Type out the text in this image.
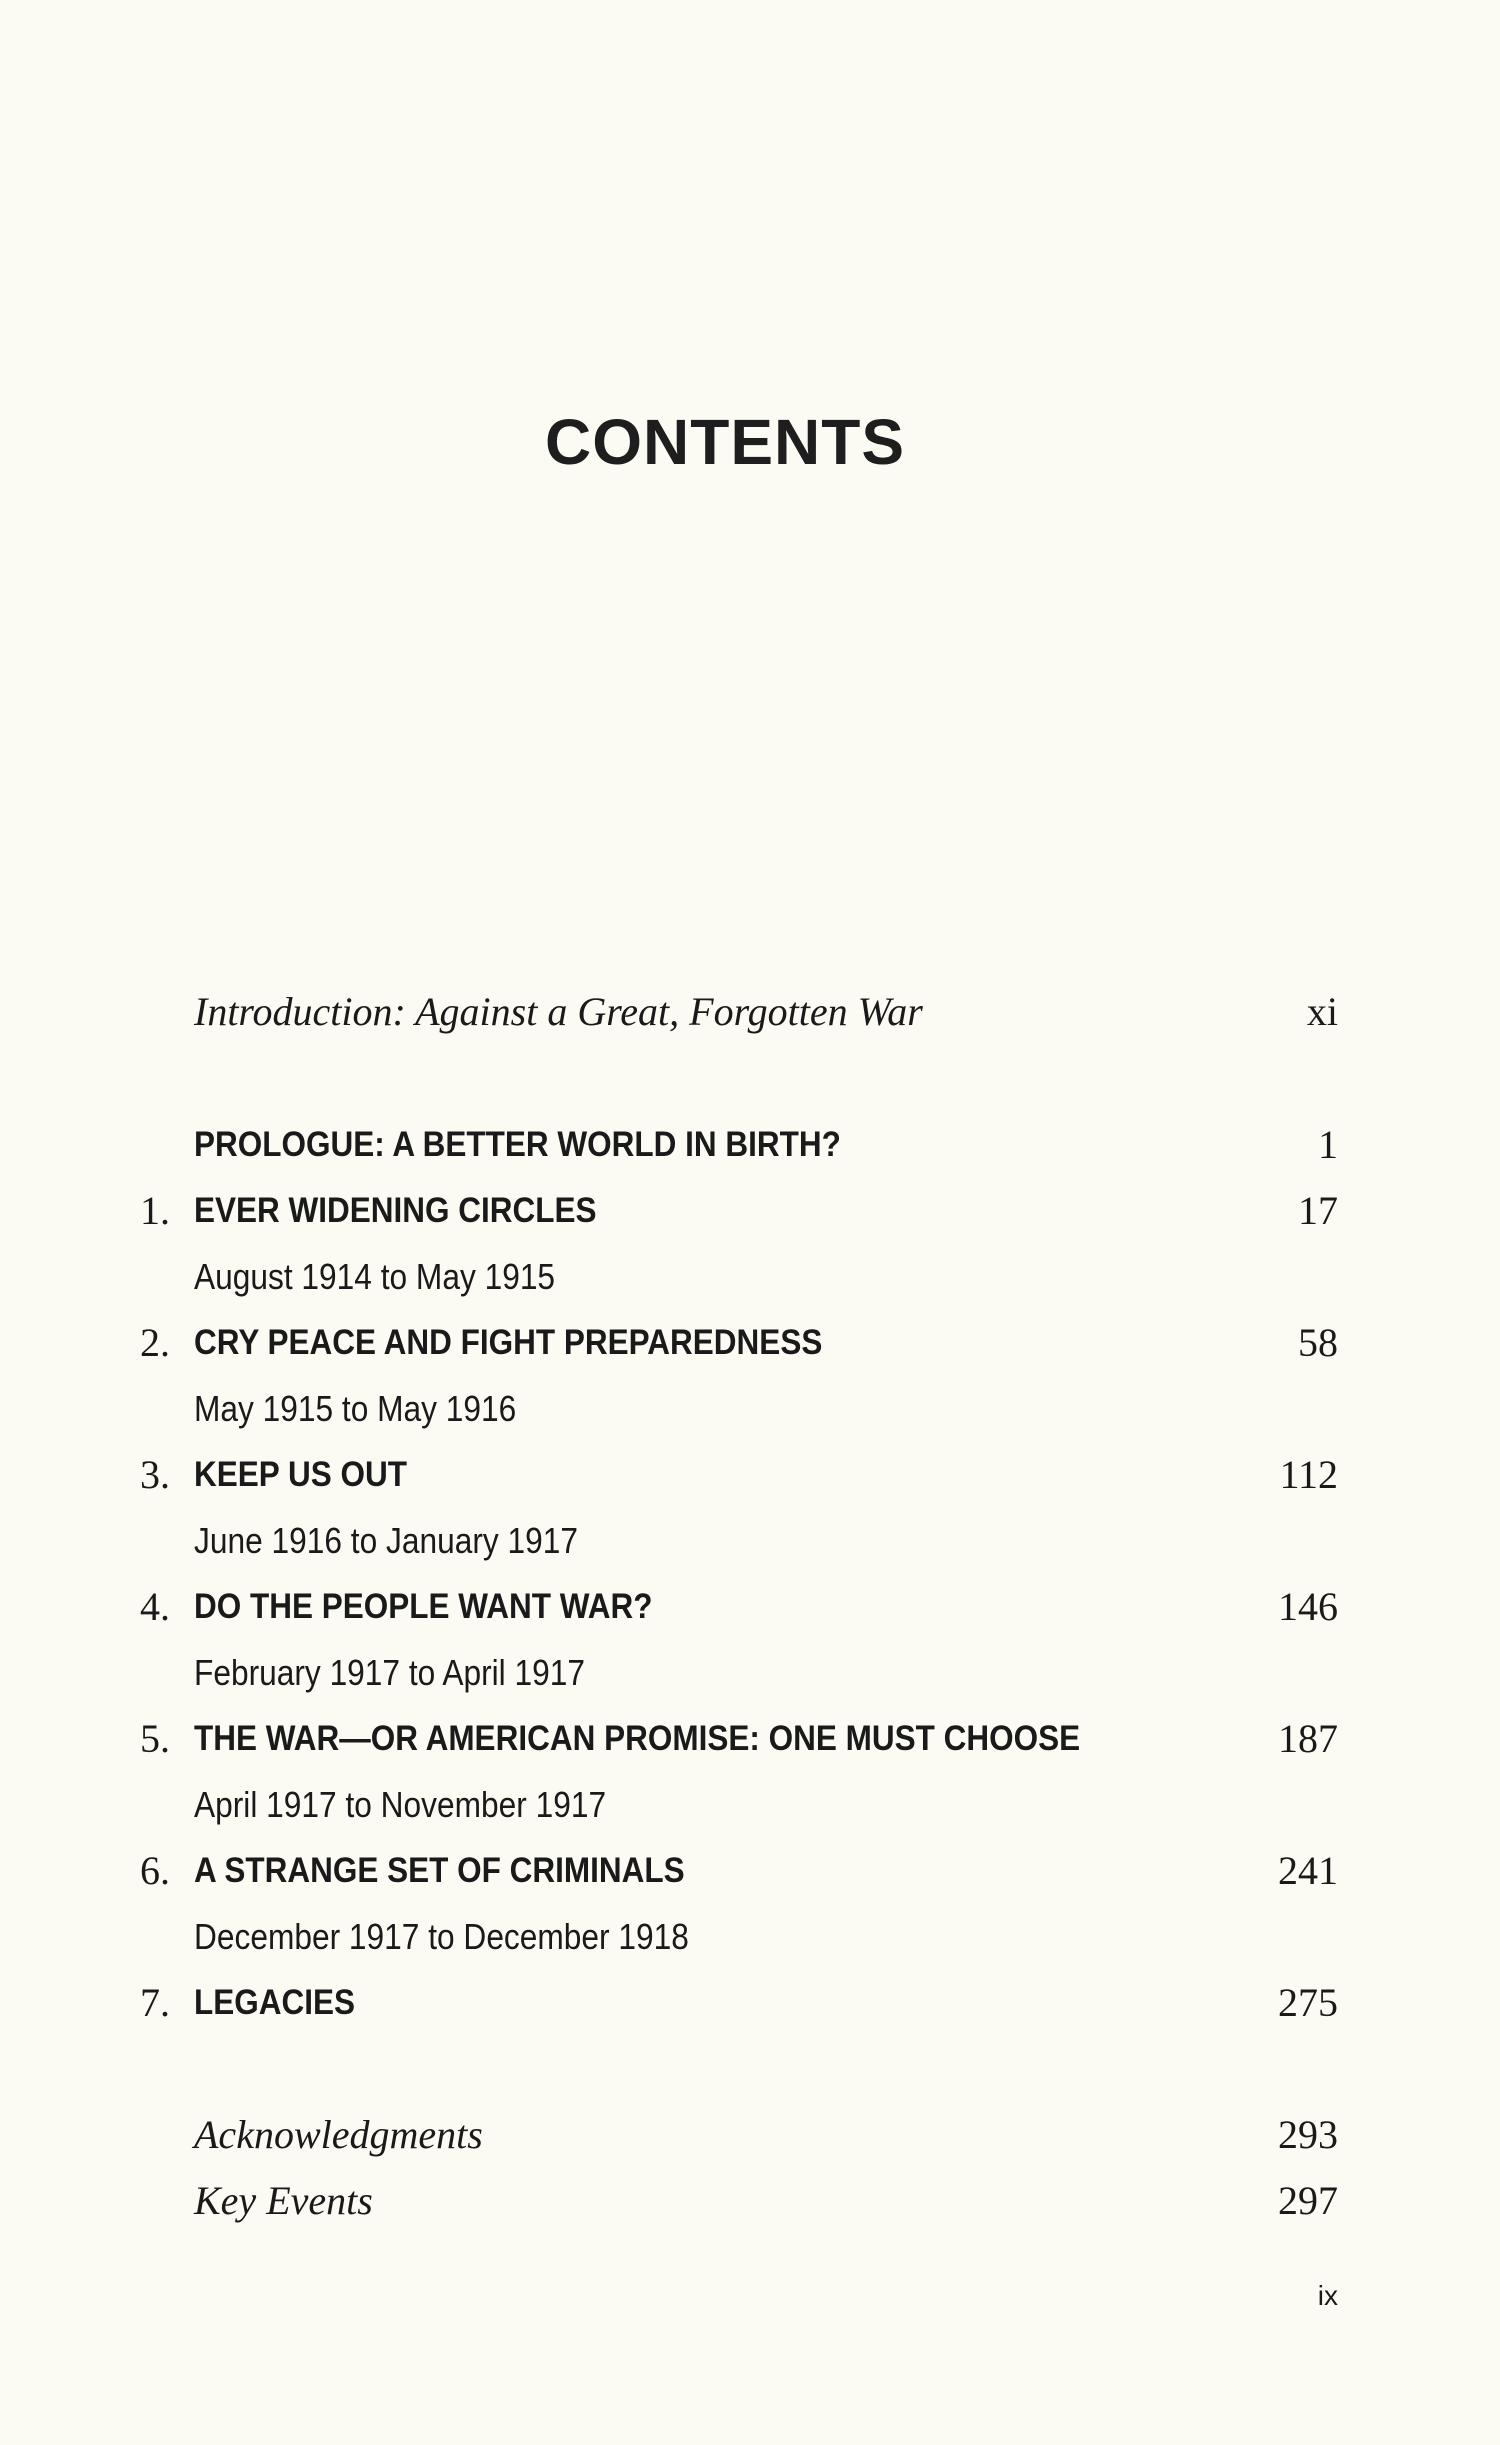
CONTENTS
Introduction: Against a Great, Forgotten War	xi
PROLOGUE: A BETTER WORLD IN BIRTH?	1
1. EVER WIDENING CIRCLES	17
August 1914 to May 1915
2. CRY PEACE AND FIGHT PREPAREDNESS	58
May 1915 to May 1916
3. KEEP US OUT	112
June 1916 to January 1917
4. DO THE PEOPLE WANT WAR?	146
February 1917 to April 1917
5. THE WAR—OR AMERICAN PROMISE: ONE MUST CHOOSE	187
April 1917 to November 1917
6. A STRANGE SET OF CRIMINALS	241
December 1917 to December 1918
7. LEGACIES	275
Acknowledgments	293
Key Events	297
ix
